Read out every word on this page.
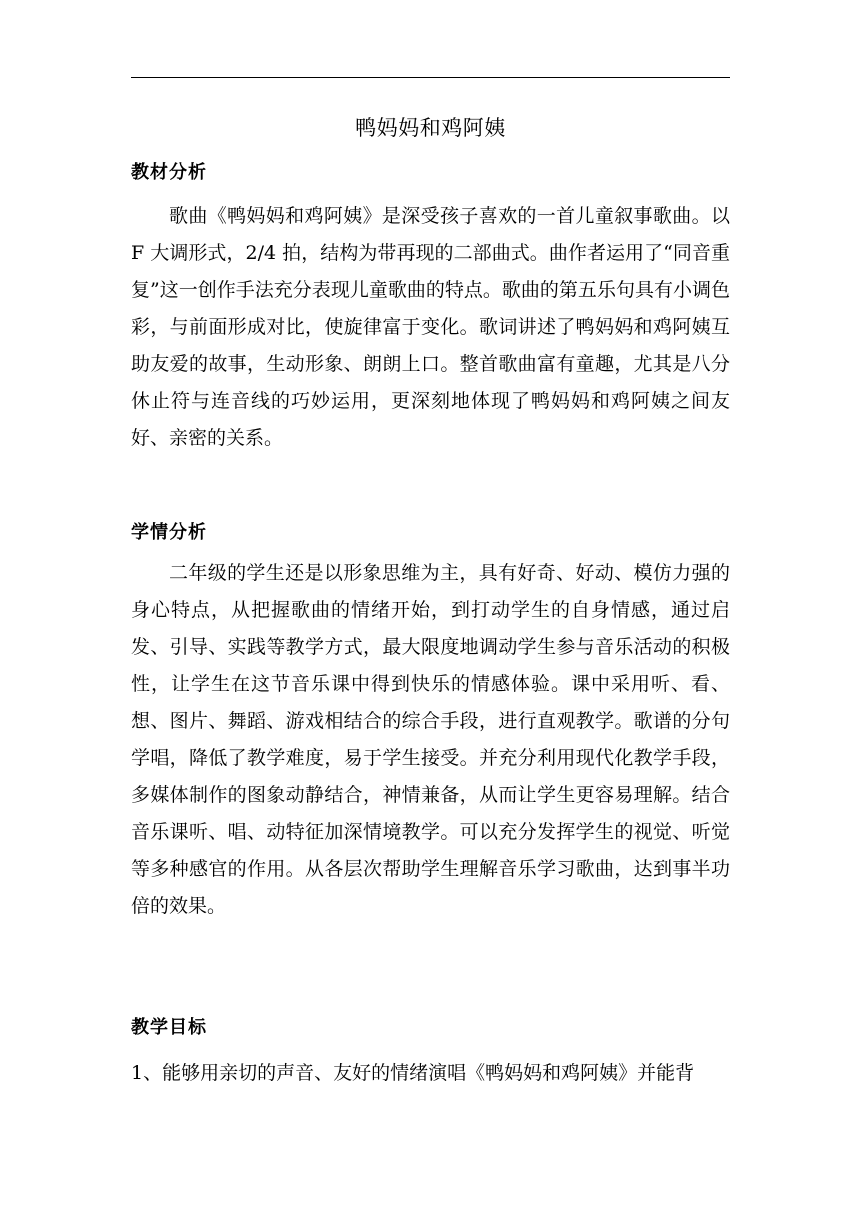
鸭妈妈和鸡阿姨
教材分析

歌曲《鸭妈妈和鸡阿姨》是深受孩子喜欢的一首儿童叙事歌曲。以F 大调形式，2/4 拍，结构为带再现的二部曲式。曲作者运用了“同音重复”这一创作手法充分表现儿童歌曲的特点。歌曲的第五乐句具有小调色彩，与前面形成对比，使旋律富于变化。歌词讲述了鸭妈妈和鸡阿姨互助友爱的故事，生动形象、朗朗上口。整首歌曲富有童趣，尤其是八分休止符与连音线的巧妙运用，更深刻地体现了鸭妈妈和鸡阿姨之间友好、亲密的关系。

学情分析

二年级的学生还是以形象思维为主，具有好奇、好动、模仿力强的身心特点，从把握歌曲的情绪开始，到打动学生的自身情感，通过启发、引导、实践等教学方式，最大限度地调动学生参与音乐活动的积极性，让学生在这节音乐课中得到快乐的情感体验。课中采用听、看、想、图片、舞蹈、游戏相结合的综合手段，进行直观教学。歌谱的分句学唱，降低了教学难度，易于学生接受。并充分利用现代化教学手段，多媒体制作的图象动静结合，神情兼备，从而让学生更容易理解。结合音乐课听、唱、动特征加深情境教学。可以充分发挥学生的视觉、听觉等多种感官的作用。从各层次帮助学生理解音乐学习歌曲，达到事半功倍的效果。

教学目标

1、能够用亲切的声音、友好的情绪演唱《鸭妈妈和鸡阿姨》并能背
